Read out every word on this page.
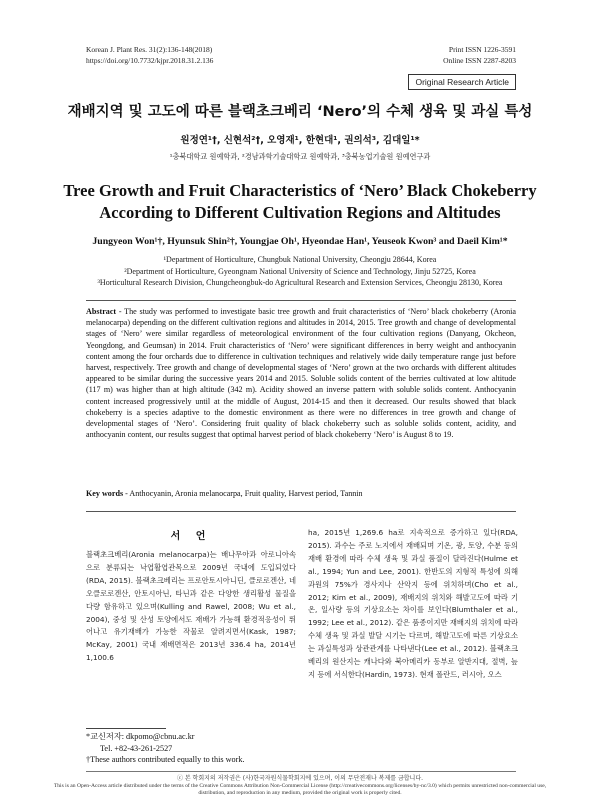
Korean J. Plant Res. 31(2):136-148(2018)
https://doi.org/10.7732/kjpr.2018.31.2.136
Print ISSN 1226-3591
Online ISSN 2287-8203
Original Research Article
재배지역 및 고도에 따른 블랙초크베리 ‘Nero’의 수체 생육 및 과실 특성
원정연¹†, 신현석²†, 오영재¹, 한현대¹, 권의석³, 김대일¹*
¹충북대학교 원예학과, ²경남과학기술대학교 원예학과, ³충북농업기술원 원예연구과
Tree Growth and Fruit Characteristics of ‘Nero’ Black Chokeberry According to Different Cultivation Regions and Altitudes
Jungyeon Won¹†, Hyunsuk Shin²†, Youngjae Oh¹, Hyeondae Han¹, Yeuseok Kwon³ and Daeil Kim¹*
¹Department of Horticulture, Chungbuk National University, Cheongju 28644, Korea
²Department of Horticulture, Gyeongnam National University of Science and Technology, Jinju 52725, Korea
³Horticultural Research Division, Chungcheongbuk-do Agricultural Research and Extension Services, Cheongju 28130, Korea
Abstract - The study was performed to investigate basic tree growth and fruit characteristics of ‘Nero’ black chokeberry (Aronia melanocarpa) depending on the different cultivation regions and altitudes in 2014, 2015. Tree growth and change of developmental stages of ‘Nero’ were similar regardless of meteorological environment of the four cultivation regions (Danyang, Okcheon, Yeongdong, and Geumsan) in 2014. Fruit characteristics of ‘Nero’ were significant differences in berry weight and anthocyanin content among the four orchards due to difference in cultivation techniques and relatively wide daily temperature range just before harvest, respectively. Tree growth and change of developmental stages of ‘Nero’ grown at the two orchards with different altitudes appeared to be similar during the successive years 2014 and 2015. Soluble solids content of the berries cultivated at low altitude (117 m) was higher than at high altitude (342 m). Acidity showed an inverse pattern with soluble solids content. Anthocyanin content increased progressively until at the middle of August, 2014-15 and then it decreased. Our results showed that black chokeberry is a species adaptive to the domestic environment as there were no differences in tree growth and change of developmental stages of ‘Nero’. Considering fruit quality of black chokeberry such as soluble solids content, acidity, and anthocyanin content, our results suggest that optimal harvest period of black chokeberry ‘Nero’ is August 8 to 19.
Key words - Anthocyanin, Aronia melanocarpa, Fruit quality, Harvest period, Tannin
서 언
블랙초크베리(Aronia melanocarpa)는 배나무아과 아로니아속으로 분류되는 낙엽활엽관목으로 2009년 국내에 도입되었다(RDA, 2015). 블랙초크베리는 프로안토시아니딘, 클로로겐산, 네오클로로겐산, 안토시아닌, 타닌과 같은 다양한 생리활성 물질을 다량 함유하고 있으며(Kulling and Rawel, 2008; Wu et al., 2004), 중성 및 산성 토양에서도 재배가 가능해 환경적응성이 뛰어나고 유기재배가 가능한 작물로 알려지면서(Kask, 1987; McKay, 2001) 국내 재배면적은 2013년 336.4 ha, 2014년 1,100.6
ha, 2015년 1,269.6 ha로 지속적으로 증가하고 있다(RDA, 2015). 과수는 주로 노지에서 재배되며 기온, 광, 토양, 수분 등의 재배 환경에 따라 수체 생육 및 과실 품질이 달라진다(Hulme et al., 1994; Yun and Lee, 2001). 한반도의 지형적 특성에 의해 과원의 75%가 경사지나 산악지 등에 위치하며(Cho et al., 2012; Kim et al., 2009), 재배지의 위치와 해발고도에 따라 기온, 일사량 등의 기상요소는 차이를 보인다(Blumthaler et al., 1992; Lee et al., 2012). 같은 품종이지만 재배지의 위치에 따라 수체 생육 및 과실 발달 시기는 다르며, 해발고도에 따른 기상요소는 과실특성과 상관관계를 나타낸다(Lee et al., 2012). 블랙초크베리의 원산지는 캐나다와 북아메리카 동부로 알반지대, 절벽, 늪지 등에 서식한다(Hardin, 1973). 현재 폴란드, 러시아, 오스
*교신저자: dkpomo@cbnu.ac.kr
Tel. +82-43-261-2527
†These authors contributed equally to this work.
ⓒ 본 학회지의 저작권은 (사)한국자원식물학회지에 있으며, 이의 무단전재나 복제를 금합니다.
This is an Open-Access article distributed under the terms of the Creative Commons Attribution Non-Commercial License (http://creativecommons.org/licenses/by-nc/3.0) which permits unrestricted non-commercial use, distribution, and reproduction in any medium, provided the original work is properly cited.
